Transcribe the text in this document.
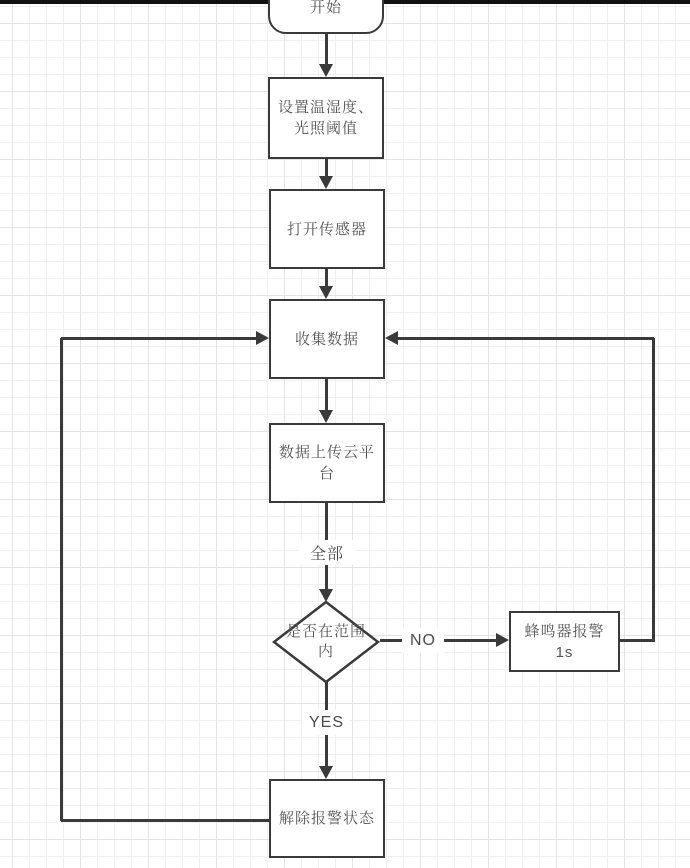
全部
NO
YES
开始
设置温湿度、
光照阈值
打开传感器
收集数据
数据上传云平
台
是否在范围
内
蜂鸣器报警
1s
解除报警状态
